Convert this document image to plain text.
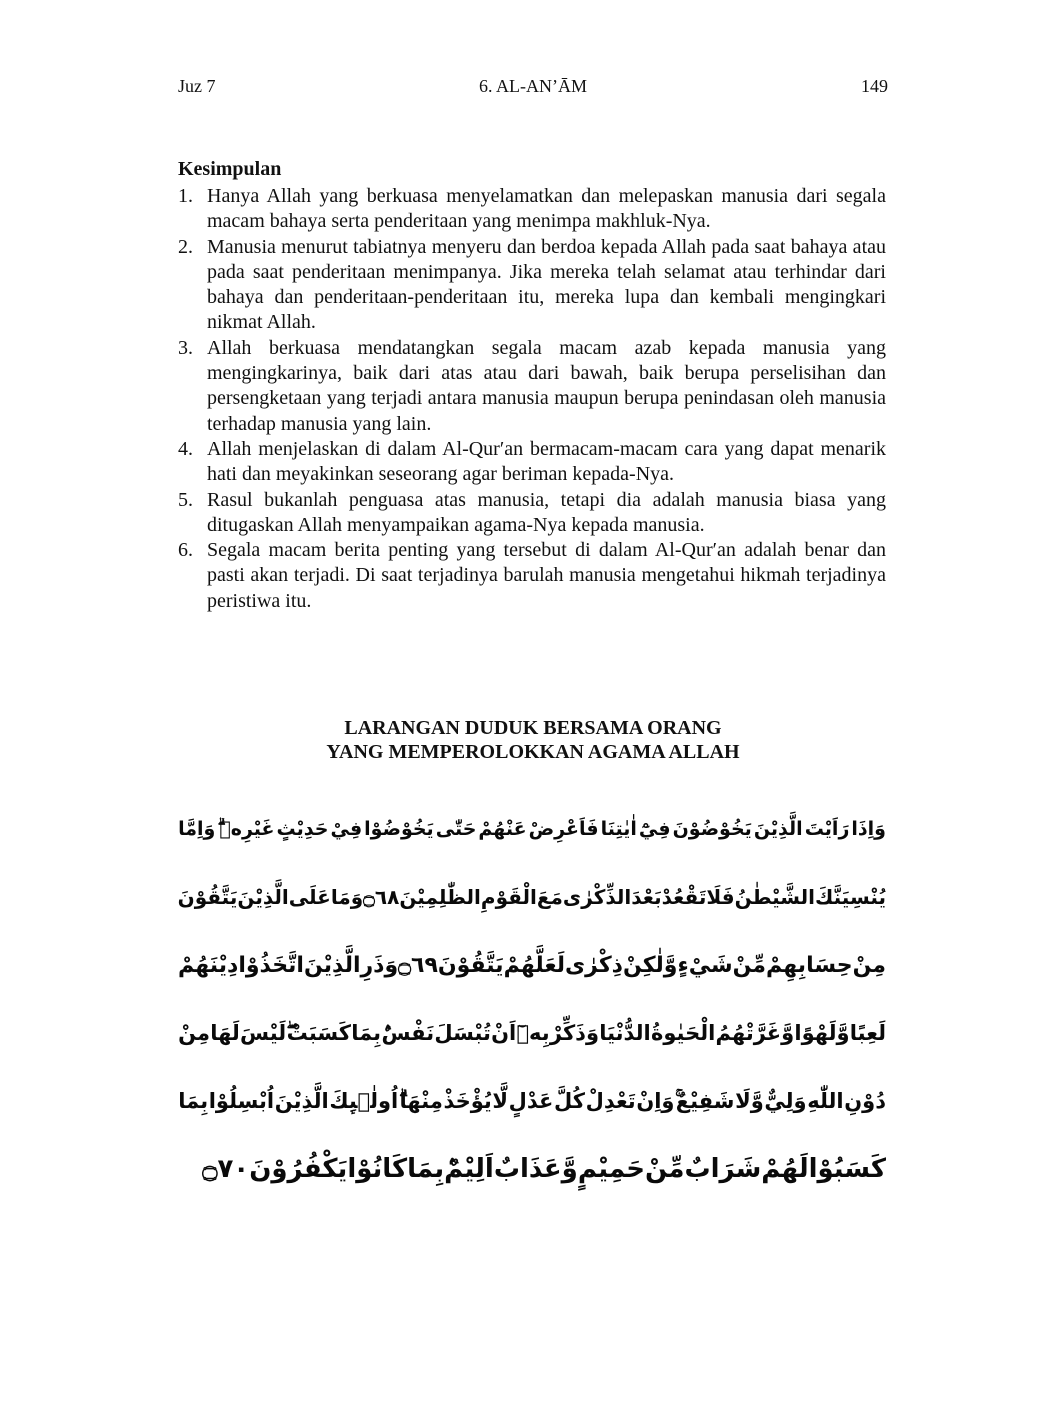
Juz 7	6. AL-AN’ĀM	149
Kesimpulan
1. Hanya Allah yang berkuasa menyelamatkan dan melepaskan manusia dari segala macam bahaya serta penderitaan yang menimpa makhluk-Nya.
2. Manusia menurut tabiatnya menyeru dan berdoa kepada Allah pada saat bahaya atau pada saat penderitaan menimpanya. Jika mereka telah selamat atau terhindar dari bahaya dan penderitaan-penderitaan itu, mereka lupa dan kembali mengingkari nikmat Allah.
3. Allah berkuasa mendatangkan segala macam azab kepada manusia yang mengingkarinya, baik dari atas atau dari bawah, baik berupa perselisihan dan persengketaan yang terjadi antara manusia maupun berupa penindasan oleh manusia terhadap manusia yang lain.
4. Allah menjelaskan di dalam Al-Qur′an bermacam-macam cara yang dapat menarik hati dan meyakinkan seseorang agar beriman kepada-Nya.
5. Rasul bukanlah penguasa atas manusia, tetapi dia adalah manusia biasa yang ditugaskan Allah menyampaikan agama-Nya kepada manusia.
6. Segala macam berita penting yang tersebut di dalam Al-Qur′an adalah benar dan pasti akan terjadi. Di saat terjadinya barulah manusia mengetahui hikmah terjadinya peristiwa itu.
LARANGAN DUDUK BERSAMA ORANG
YANG MEMPEROLOKKAN AGAMA ALLAH
وَاِذَا
رَاَيْتَ
الَّذِيْنَ
يَخُوْضُوْنَ
فِيْٓ
اٰيٰتِنَا
فَاَعْرِضْ
عَنْهُمْ
حَتّٰى
يَخُوْضُوْا
فِيْ
حَدِيْثٍ
غَيْرِهٖ
وَاِمَّا
يُنْسِيَنَّكَ
الشَّيْطٰنُ
فَلَا
تَقْعُدْ
بَعْدَ
الذِّكْرٰى
مَعَ
الْقَوْمِ
الظّٰلِمِيْنَ
۝٦٨
وَمَا
عَلَى
الَّذِيْنَ
يَتَّقُوْنَ
مِنْ
حِسَابِهِمْ
مِّنْ
شَيْءٍ
وَّلٰكِنْ
ذِكْرٰى
لَعَلَّهُمْ
يَتَّقُوْنَ
۝٦٩
وَذَرِ
الَّذِيْنَ
اتَّخَذُوْا
دِيْنَهُمْ
لَعِبًا
وَّلَهْوًا
وَّغَرَّتْهُمُ
الْحَيٰوةُ
الدُّنْيَا
وَذَكِّرْ
بِهٖٓ
اَنْ
تُبْسَلَ
نَفْسٌ
بِمَا
كَسَبَتْ
لَيْسَ
لَهَا
مِنْ
دُوْنِ
اللّٰهِ
وَلِيٌّ
وَّلَا
شَفِيْعٌ
وَاِنْ
تَعْدِلْ
كُلَّ
عَدْلٍ
لَّا
يُؤْخَذْ
مِنْهَا
اُولٰۤىِٕكَ
الَّذِيْنَ
اُبْسِلُوْا
بِمَا
كَسَبُوْا
لَهُمْ
شَرَابٌ
مِّنْ
حَمِيْمٍ
وَّعَذَابٌ
اَلِيْمٌ
بِمَا
كَانُوْا
يَكْفُرُوْنَ
۝٧٠
